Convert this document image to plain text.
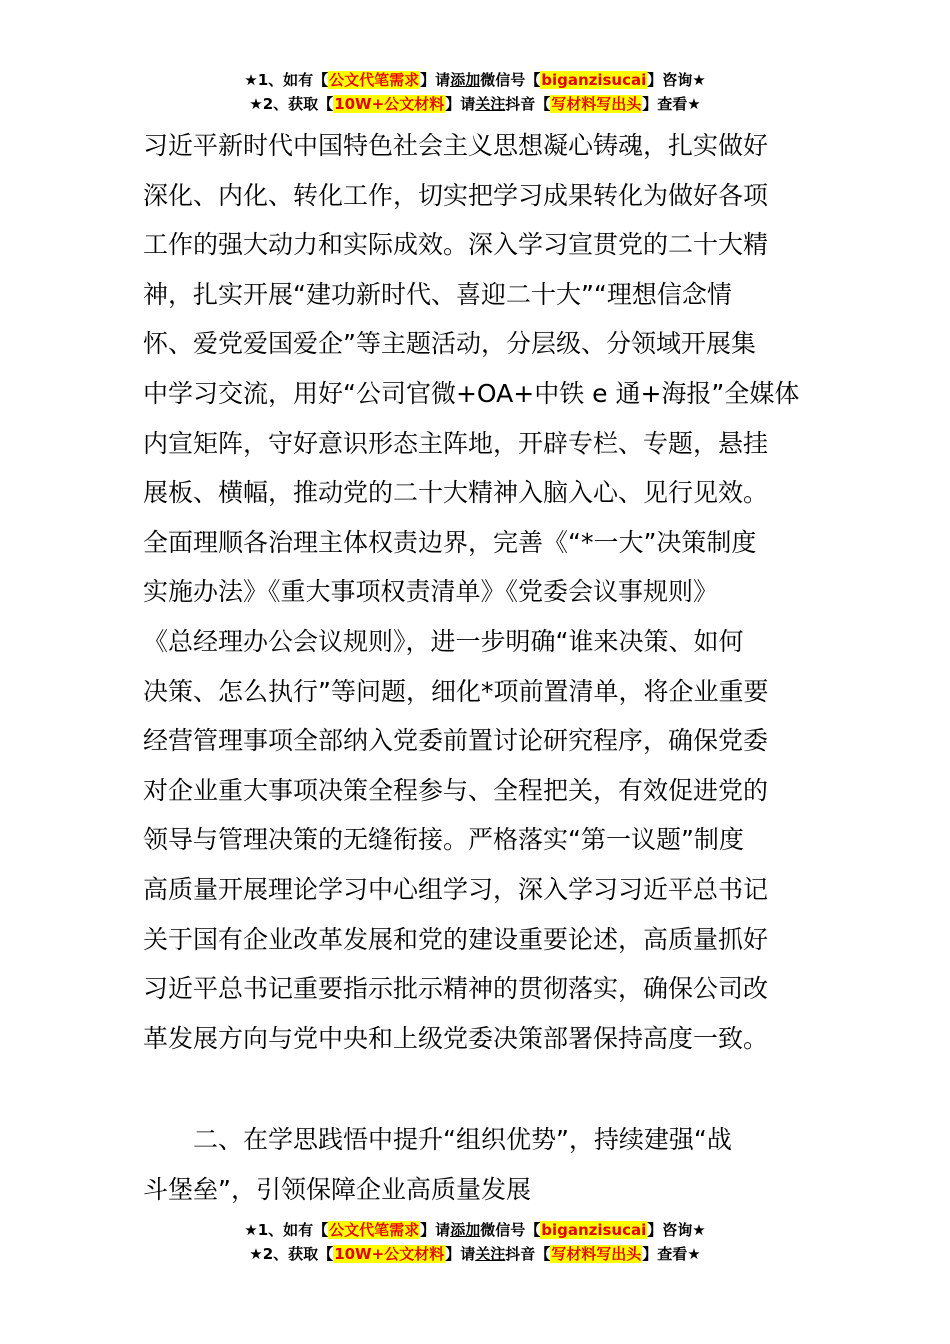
★1、如有【公文代笔需求】请添加微信号【biganzisucai】咨询★
★2、获取【10W+公文材料】请关注抖音【写材料写出头】查看★

习近平新时代中国特色社会主义思想凝心铸魂，扎实做好

深化、内化、转化工作，切实把学习成果转化为做好各项

工作的强大动力和实际成效。深入学习宣贯党的二十大精

神，扎实开展“建功新时代、喜迎二十大”“理想信念情

怀、爱党爱国爱企”等主题活动，分层级、分领域开展集

中学习交流，用好“公司官微+OA+中铁 e 通+海报”全媒体

内宣矩阵，守好意识形态主阵地，开辟专栏、专题，悬挂

展板、横幅，推动党的二十大精神入脑入心、见行见效。

全面理顺各治理主体权责边界，完善《“*一大”决策制度

实施办法》《重大事项权责清单》《党委会议事规则》

《总经理办公会议规则》，进一步明确“谁来决策、如何

决策、怎么执行”等问题，细化*项前置清单，将企业重要

经营管理事项全部纳入党委前置讨论研究程序，确保党委

对企业重大事项决策全程参与、全程把关，有效促进党的

领导与管理决策的无缝衔接。严格落实“第一议题”制度

高质量开展理论学习中心组学习，深入学习习近平总书记

关于国有企业改革发展和党的建设重要论述，高质量抓好

习近平总书记重要指示批示精神的贯彻落实，确保公司改

革发展方向与党中央和上级党委决策部署保持高度一致。

二、在学思践悟中提升“组织优势”，持续建强“战

斗堡垒”，引领保障企业高质量发展

★1、如有【公文代笔需求】请添加微信号【biganzisucai】咨询★
★2、获取【10W+公文材料】请关注抖音【写材料写出头】查看★
